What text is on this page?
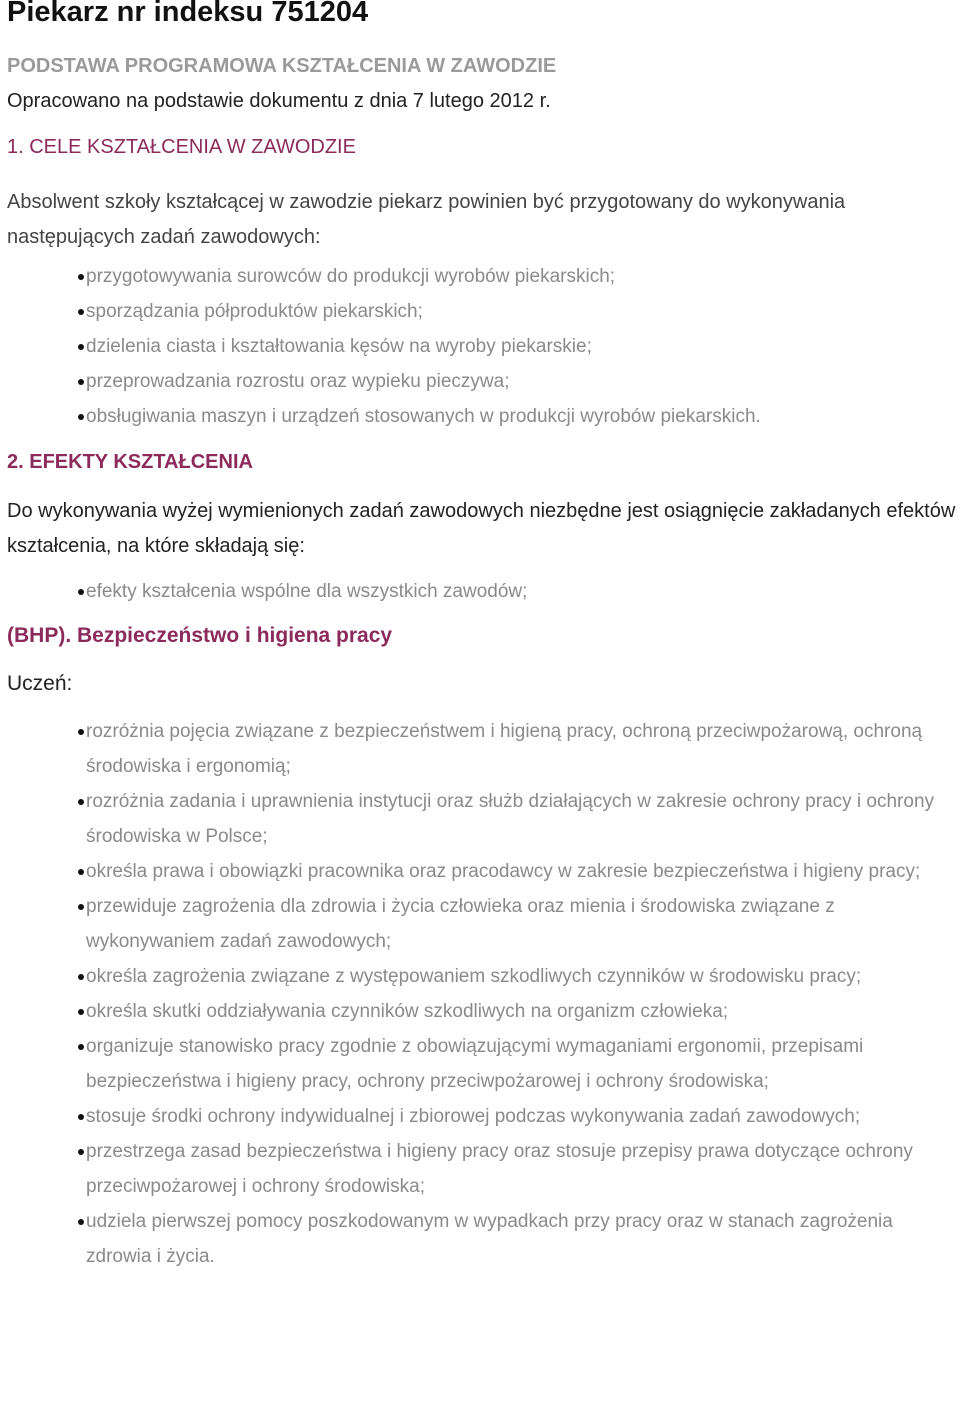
Piekarz nr indeksu 751204
PODSTAWA PROGRAMOWA KSZTAŁCENIA W ZAWODZIE
Opracowano na podstawie dokumentu z dnia 7 lutego 2012 r.
1. CELE KSZTAŁCENIA W ZAWODZIE
Absolwent szkoły kształcącej w zawodzie piekarz powinien być przygotowany do wykonywania następujących zadań zawodowych:
przygotowywania surowców do produkcji wyrobów piekarskich;
sporządzania półproduktów piekarskich;
dzielenia ciasta i kształtowania kęsów na wyroby piekarskie;
przeprowadzania rozrostu oraz wypieku pieczywa;
obsługiwania maszyn i urządzeń stosowanych w produkcji wyrobów piekarskich.
2. EFEKTY KSZTAŁCENIA
Do wykonywania wyżej wymienionych zadań zawodowych niezbędne jest osiągnięcie zakładanych efektów kształcenia, na które składają się:
efekty kształcenia wspólne dla wszystkich zawodów;
(BHP). Bezpieczeństwo i higiena pracy
Uczeń:
rozróżnia pojęcia związane z bezpieczeństwem i higieną pracy, ochroną przeciwpożarową, ochroną środowiska i ergonomią;
rozróżnia zadania i uprawnienia instytucji oraz służb działających w zakresie ochrony pracy i ochrony środowiska w Polsce;
określa prawa i obowiązki pracownika oraz pracodawcy w zakresie bezpieczeństwa i higieny pracy;
przewiduje zagrożenia dla zdrowia i życia człowieka oraz mienia i środowiska związane z wykonywaniem zadań zawodowych;
określa zagrożenia związane z występowaniem szkodliwych czynników w środowisku pracy;
określa skutki oddziaływania czynników szkodliwych na organizm człowieka;
organizuje stanowisko pracy zgodnie z obowiązującymi wymaganiami ergonomii, przepisami bezpieczeństwa i higieny pracy, ochrony przeciwpożarowej i ochrony środowiska;
stosuje środki ochrony indywidualnej i zbiorowej podczas wykonywania zadań zawodowych;
przestrzega zasad bezpieczeństwa i higieny pracy oraz stosuje przepisy prawa dotyczące ochrony przeciwpożarowej i ochrony środowiska;
udziela pierwszej pomocy poszkodowanym w wypadkach przy pracy oraz w stanach zagrożenia zdrowia i życia.
